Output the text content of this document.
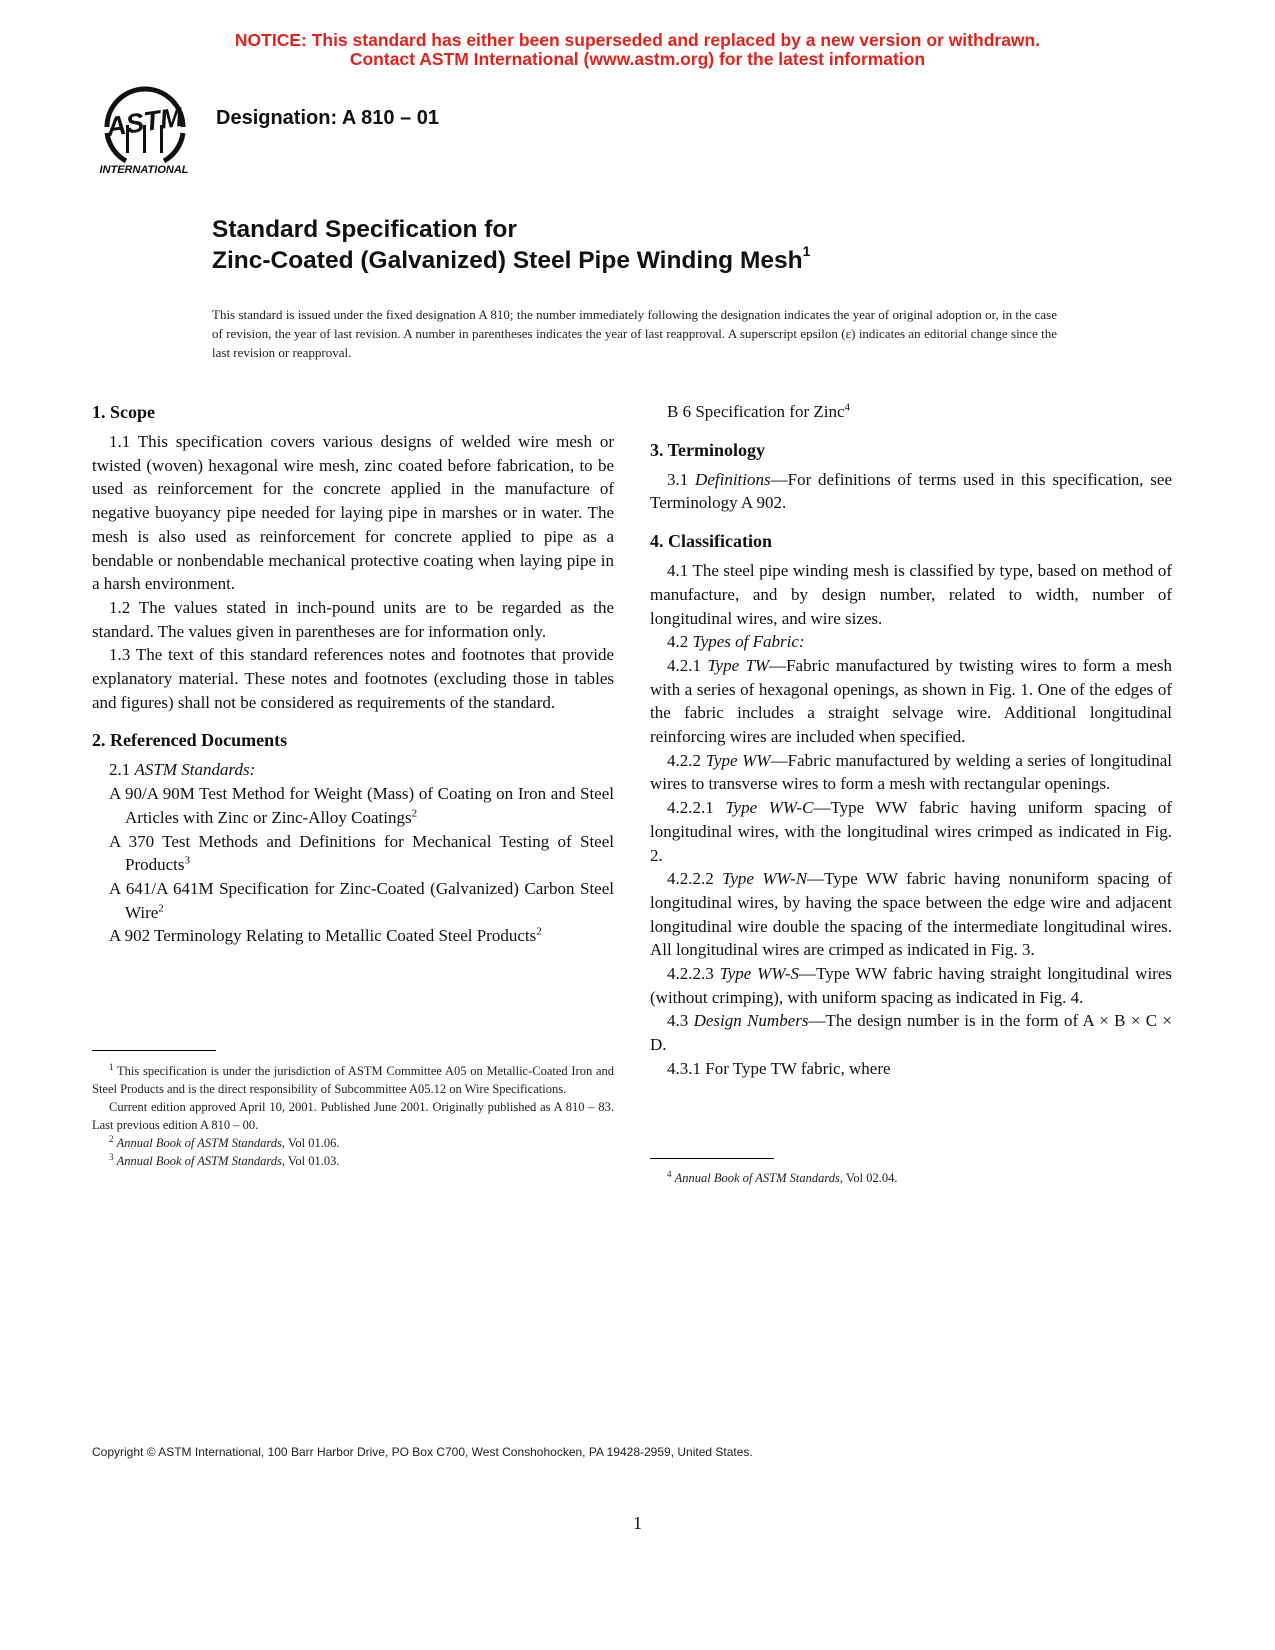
NOTICE: This standard has either been superseded and replaced by a new version or withdrawn.
Contact ASTM International (www.astm.org) for the latest information
ASTM
INTERNATIONAL
Designation: A 810 – 01
Standard Specification for
Zinc-Coated (Galvanized) Steel Pipe Winding Mesh$^1$
This standard is issued under the fixed designation A 810; the number immediately following the designation indicates the year of original adoption or, in the case of revision, the year of last revision. A number in parentheses indicates the year of last reapproval. A superscript epsilon (ε) indicates an editorial change since the last revision or reapproval.
1. Scope

1.1 This specification covers various designs of welded wire mesh or twisted (woven) hexagonal wire mesh, zinc coated before fabrication, to be used as reinforcement for the concrete applied in the manufacture of negative buoyancy pipe needed for laying pipe in marshes or in water. The mesh is also used as reinforcement for concrete applied to pipe as a bendable or nonbendable mechanical protective coating when laying pipe in a harsh environment.

1.2 The values stated in inch-pound units are to be regarded as the standard. The values given in parentheses are for information only.

1.3 The text of this standard references notes and footnotes that provide explanatory material. These notes and footnotes (excluding those in tables and figures) shall not be considered as requirements of the standard.

2. Referenced Documents

2.1 ASTM Standards:

A 90/A 90M Test Method for Weight (Mass) of Coating on Iron and Steel Articles with Zinc or Zinc-Alloy Coatings$^2$

A 370 Test Methods and Definitions for Mechanical Testing of Steel Products$^3$

A 641/A 641M Specification for Zinc-Coated (Galvanized) Carbon Steel Wire$^2$

A 902 Terminology Relating to Metallic Coated Steel Products$^2$

$^1$ This specification is under the jurisdiction of ASTM Committee A05 on Metallic-Coated Iron and Steel Products and is the direct responsibility of Subcommittee A05.12 on Wire Specifications.

Current edition approved April 10, 2001. Published June 2001. Originally published as A 810 – 83. Last previous edition A 810 – 00.

$^2$ Annual Book of ASTM Standards, Vol 01.06.

$^3$ Annual Book of ASTM Standards, Vol 01.03.

B 6 Specification for Zinc$^4$

3. Terminology

3.1 Definitions—For definitions of terms used in this specification, see Terminology A 902.

4. Classification

4.1 The steel pipe winding mesh is classified by type, based on method of manufacture, and by design number, related to width, number of longitudinal wires, and wire sizes.

4.2 Types of Fabric:

4.2.1 Type TW—Fabric manufactured by twisting wires to form a mesh with a series of hexagonal openings, as shown in Fig. 1. One of the edges of the fabric includes a straight selvage wire. Additional longitudinal reinforcing wires are included when specified.

4.2.2 Type WW—Fabric manufactured by welding a series of longitudinal wires to transverse wires to form a mesh with rectangular openings.

4.2.2.1 Type WW-C—Type WW fabric having uniform spacing of longitudinal wires, with the longitudinal wires crimped as indicated in Fig. 2.

4.2.2.2 Type WW-N—Type WW fabric having nonuniform spacing of longitudinal wires, by having the space between the edge wire and adjacent longitudinal wire double the spacing of the intermediate longitudinal wires. All longitudinal wires are crimped as indicated in Fig. 3.

4.2.2.3 Type WW-S—Type WW fabric having straight longitudinal wires (without crimping), with uniform spacing as indicated in Fig. 4.

4.3 Design Numbers—The design number is in the form of A × B × C × D.

4.3.1 For Type TW fabric, where

$^4$ Annual Book of ASTM Standards, Vol 02.04.

Copyright © ASTM International, 100 Barr Harbor Drive, PO Box C700, West Conshohocken, PA 19428-2959, United States.
1
